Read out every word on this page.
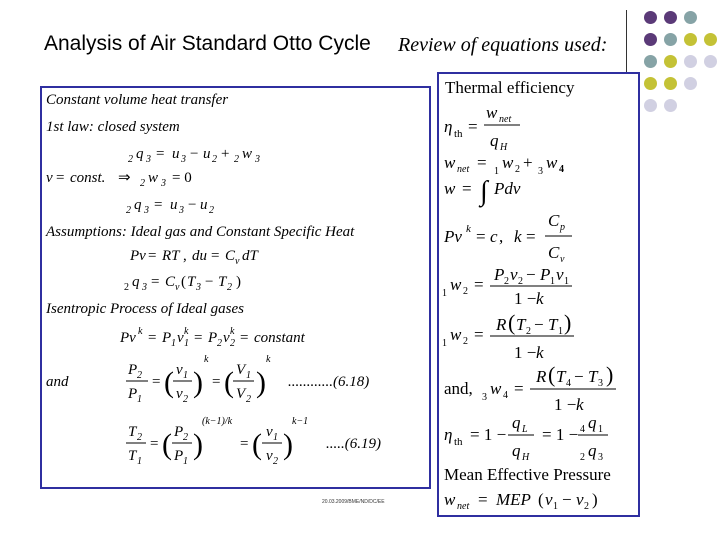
Analysis of Air Standard Otto Cycle Review of equations used:
Constant volume heat transfer
1st law: closed system
2 q 3 = u 3 − u 2 + 2 w 3
v = const. ⇒ 2 w 3 = 0
2 q 3 = u 3 − u 2
Assumptions: Ideal gas and Constant Specific Heat
Pv = RT , du = C v dT
2 q 3 = C v ( T 3 − T 2 )
Isentropic Process of Ideal gases
Pv k = P 1 v 1
k = P 2 v 2
k = constant
and
P 2
P 1
= ( v 1
v 2
)
k
= ( V 1
V 2
)
k
............(6.18)
T 2
T 1
= ( P 2
P 1
)
(k−1)/k
= ( v 1
v 2
)
k−1
.....(6.19)
Thermal efficiency
η th =
w net
q H
w net = 1 w 2 + 3 w 4
w = ∫ Pdv
Pv k = c , k =
C p
C v
1 w 2 =
P 2 v 2 − P 1 v 1
1 − k
1 w 2 =
R ( T 2 − T 1 )
1 − k
and, 3 w 4 =
R ( T 4 − T 3 )
1 − k
η th = 1 −
q L
q H
= 1 − 4 q 1
2 q 3
Mean Effective Pressure
w net = MEP ( v 1 − v 2 )
20.03.2009/BME/ND/DC/EE
